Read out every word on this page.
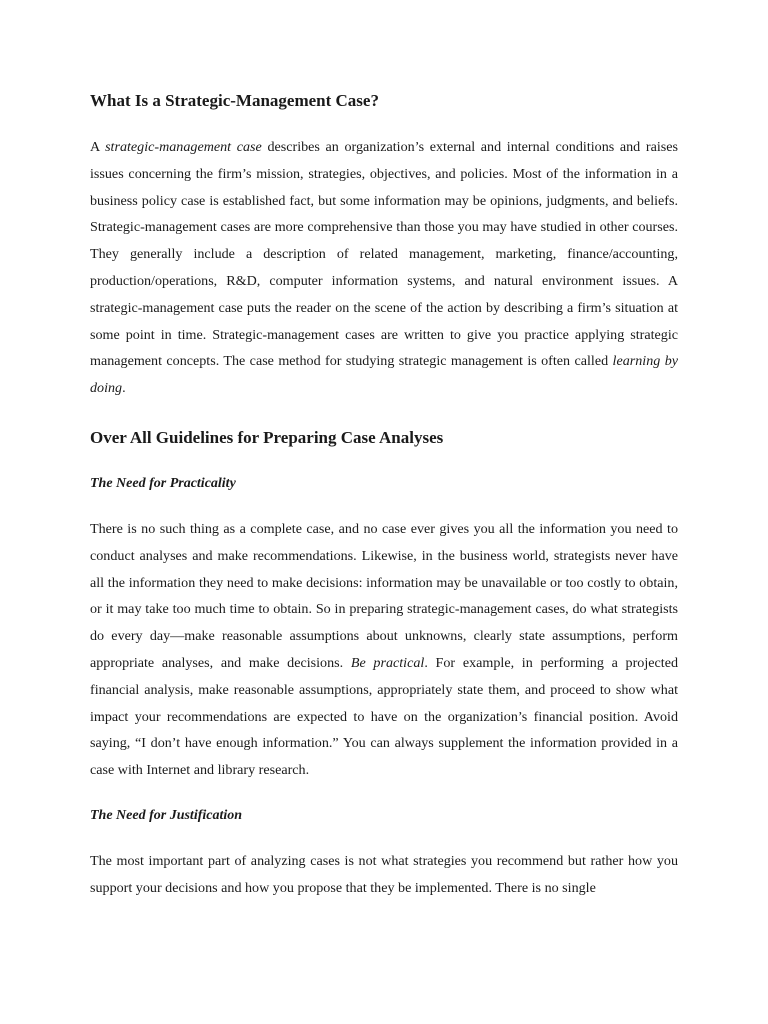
What Is a Strategic-Management Case?

A strategic-management case describes an organization’s external and internal conditions and raises issues concerning the firm’s mission, strategies, objectives, and policies. Most of the information in a business policy case is established fact, but some information may be opinions, judgments, and beliefs. Strategic-management cases are more comprehensive than those you may have studied in other courses. They generally include a description of related management, marketing, finance/accounting, production/operations, R&D, computer information systems, and natural environment issues. A strategic-management case puts the reader on the scene of the action by describing a firm’s situation at some point in time. Strategic-management cases are written to give you practice applying strategic management concepts. The case method for studying strategic management is often called learning by doing.

Over All Guidelines for Preparing Case Analyses
The Need for Practicality

There is no such thing as a complete case, and no case ever gives you all the information you need to conduct analyses and make recommendations. Likewise, in the business world, strategists never have all the information they need to make decisions: information may be unavailable or too costly to obtain, or it may take too much time to obtain. So in preparing strategic-management cases, do what strategists do every day—make reasonable assumptions about unknowns, clearly state assumptions, perform appropriate analyses, and make decisions. Be practical. For example, in performing a projected financial analysis, make reasonable assumptions, appropriately state them, and proceed to show what impact your recommendations are expected to have on the organization’s financial position. Avoid saying, “I don’t have enough information.” You can always supplement the information provided in a case with Internet and library research.

The Need for Justification

The most important part of analyzing cases is not what strategies you recommend but rather how you support your decisions and how you propose that they be implemented. There is no single
